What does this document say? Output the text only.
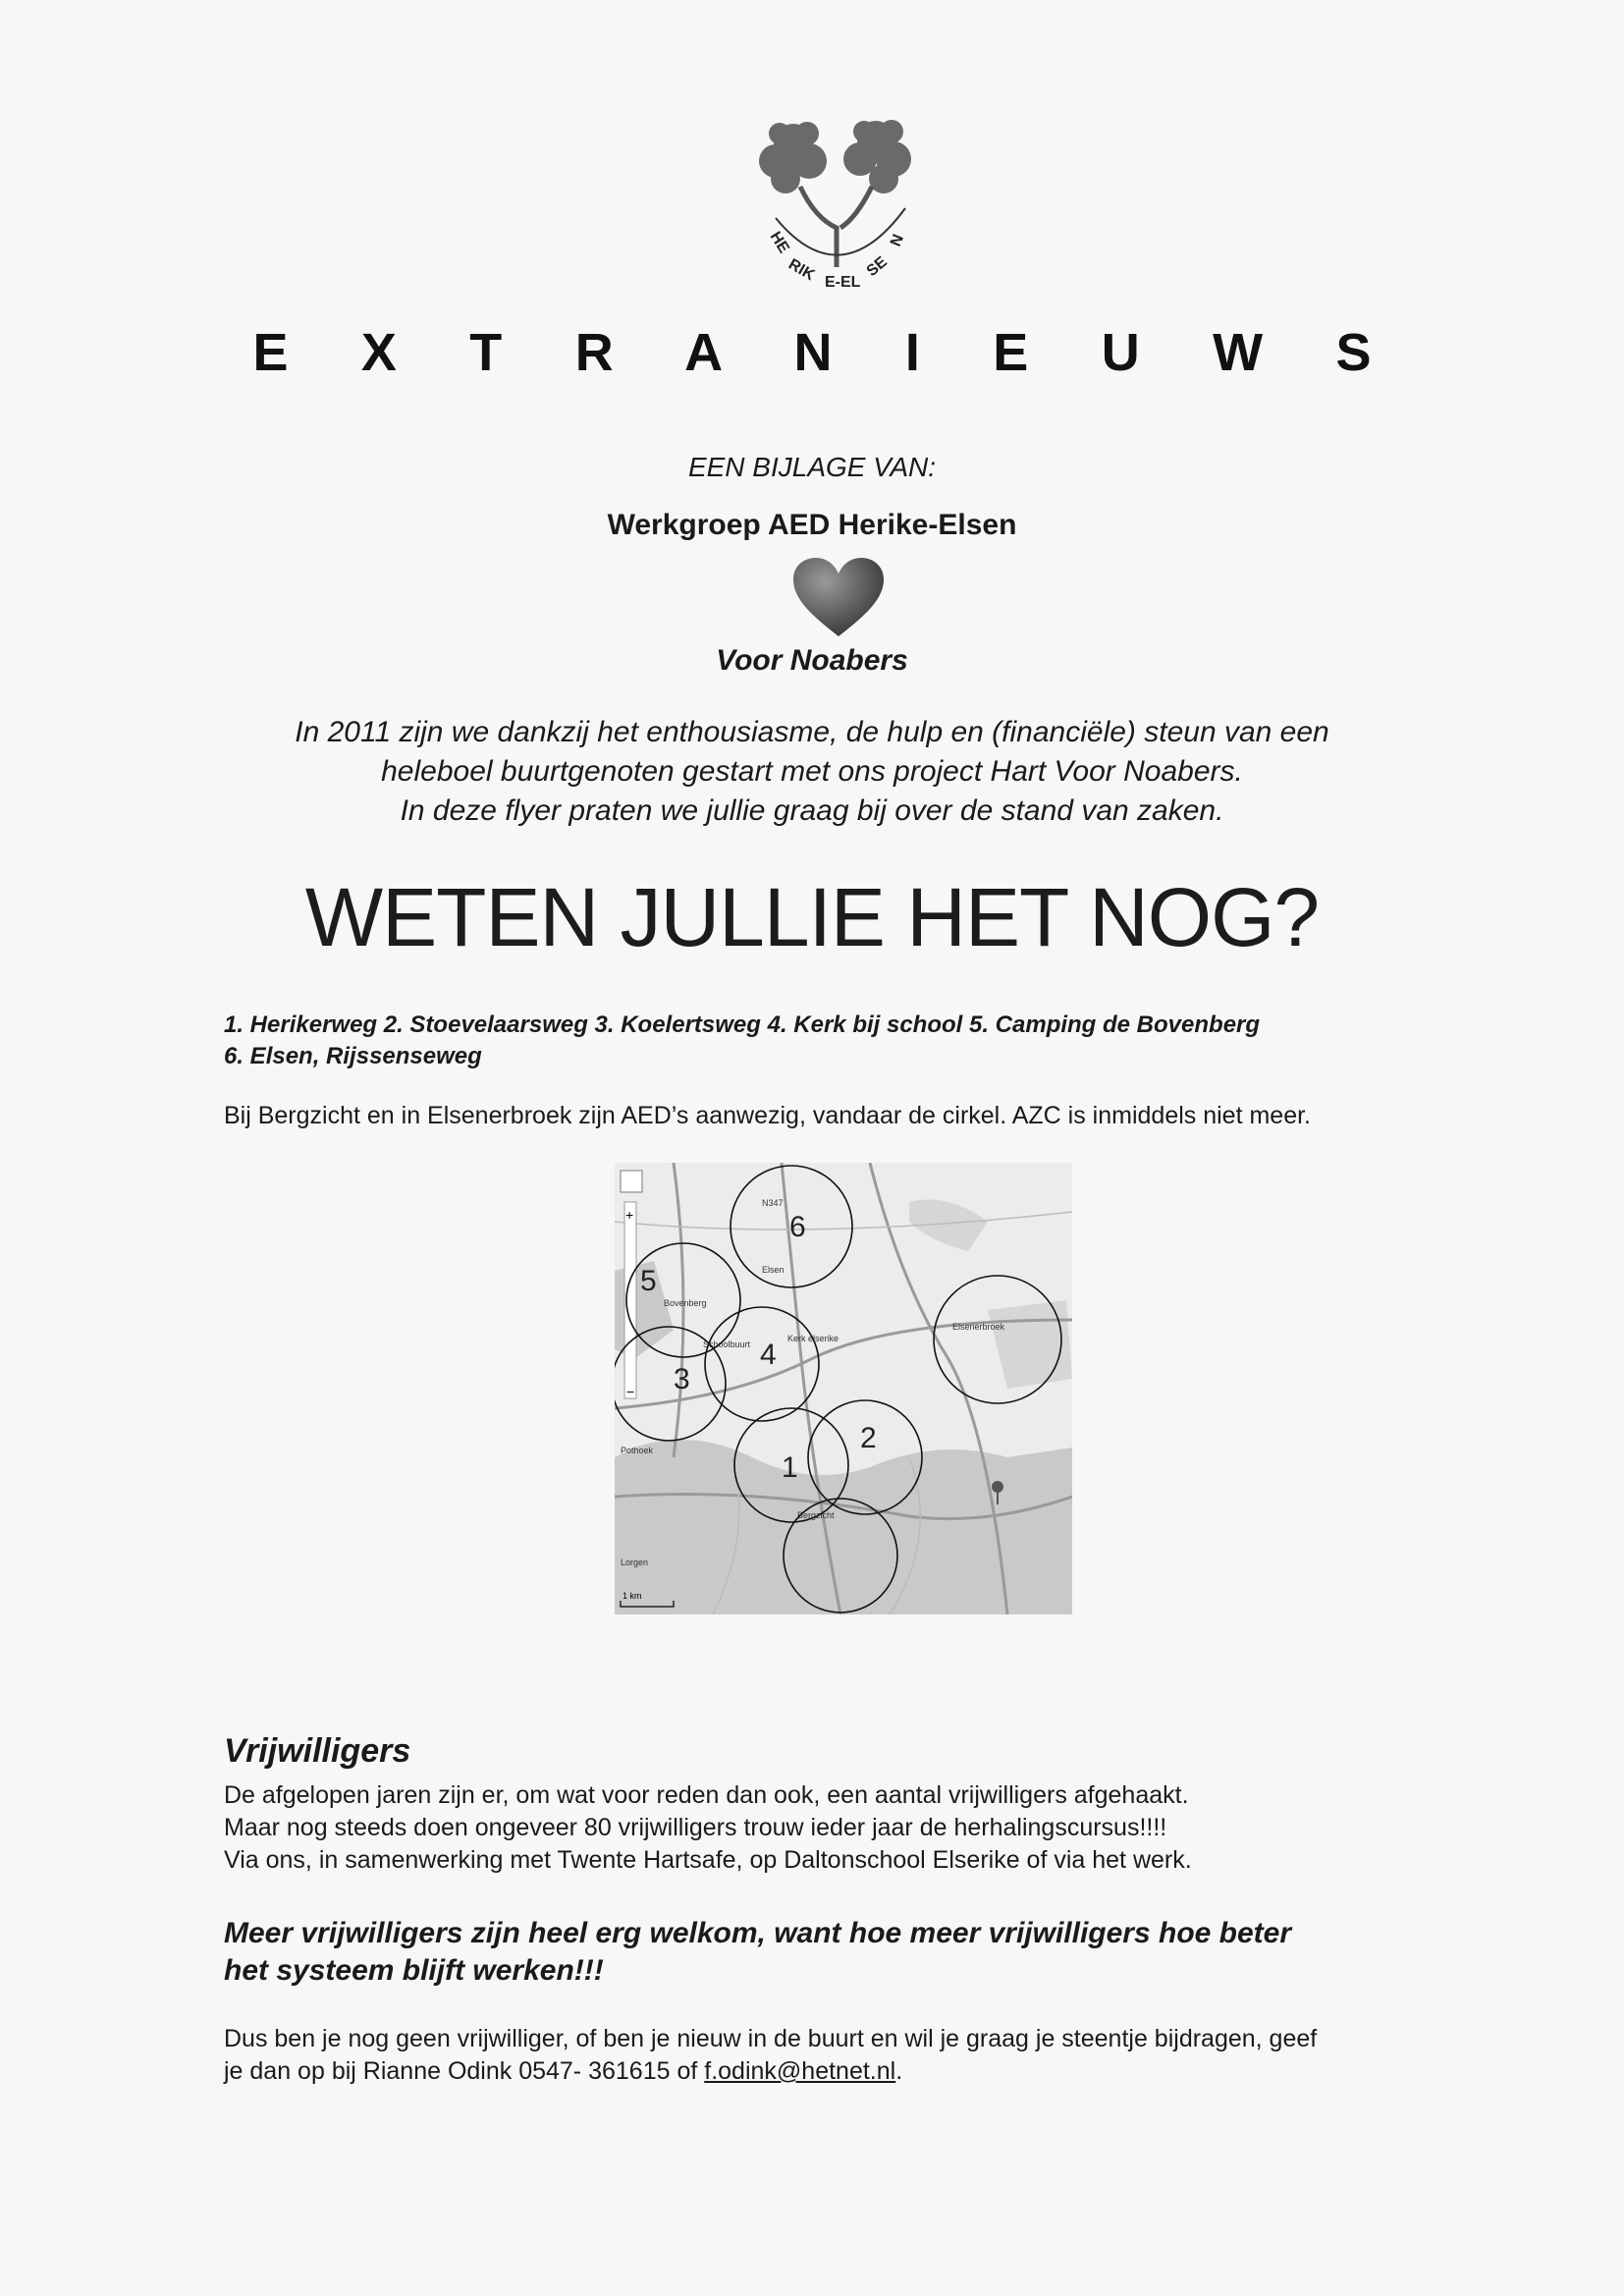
HE
RIK E-EL
SE
N
E X T R A N I E U W S
EEN BIJLAGE VAN:
Werkgroep AED Herike-Elsen
Voor Noabers

In 2011 zijn we dankzij het enthousiasme, de hulp en (financiële) steun van een

heleboel buurtgenoten gestart met ons project Hart Voor Noabers.

In deze flyer praten we jullie graag bij over de stand van zaken.

WETEN JULLIE HET NOG?

1. Herikerweg 2. Stoevelaarsweg 3. Koelertsweg 4. Kerk bij school 5. Camping de Bovenberg

6. Elsen, Rijssenseweg

Bij Bergzicht en in Elsenerbroek zijn AED’s aanwezig, vandaar de cirkel. AZC is inmiddels niet meer.
+
−
Bovenberg
Elsen
Schoolbuurt
Kerk elserike
Elsenerbroek
Bergzicht
Pothoek
Lorgen
N347
1
2
3
4
5
6
1 km
Vrijwilligers

De afgelopen jaren zijn er, om wat voor reden dan ook, een aantal vrijwilligers afgehaakt.

Maar nog steeds doen ongeveer 80 vrijwilligers trouw ieder jaar de herhalingscursus!!!!

Via ons, in samenwerking met Twente Hartsafe, op Daltonschool Elserike of via het werk.

Meer vrijwilligers zijn heel erg welkom, want hoe meer vrijwilligers hoe beter

het systeem blijft werken!!!

Dus ben je nog geen vrijwilliger, of ben je nieuw in de buurt en wil je graag je steentje bijdragen, geef

je dan op bij Rianne Odink 0547- 361615 of f.odink@hetnet.nl.
